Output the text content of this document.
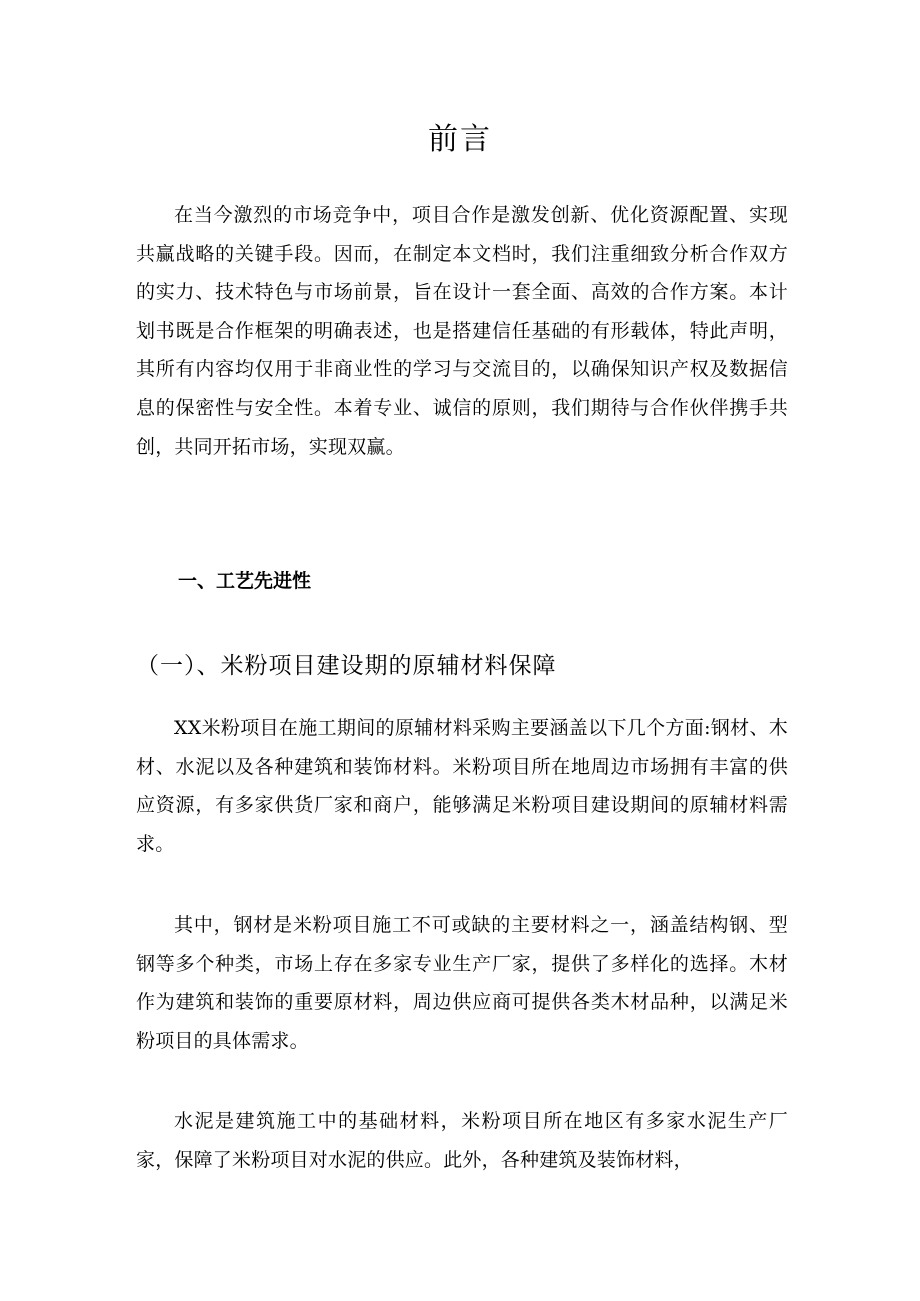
前言

在当今激烈的市场竞争中，项目合作是激发创新、优化资源配置、实现共赢战略的关键手段。因而，在制定本文档时，我们注重细致分析合作双方的实力、技术特色与市场前景，旨在设计一套全面、高效的合作方案。本计划书既是合作框架的明确表述，也是搭建信任基础的有形载体，特此声明，其所有内容均仅用于非商业性的学习与交流目的，以确保知识产权及数据信息的保密性与安全性。本着专业、诚信的原则，我们期待与合作伙伴携手共创，共同开拓市场，实现双赢。

一、工艺先进性
（一）、米粉项目建设期的原辅材料保障

XX米粉项目在施工期间的原辅材料采购主要涵盖以下几个方面:钢材、木材、水泥以及各种建筑和装饰材料。米粉项目所在地周边市场拥有丰富的供应资源，有多家供货厂家和商户，能够满足米粉项目建设期间的原辅材料需求。

其中，钢材是米粉项目施工不可或缺的主要材料之一，涵盖结构钢、型钢等多个种类，市场上存在多家专业生产厂家，提供了多样化的选择。木材作为建筑和装饰的重要原材料，周边供应商可提供各类木材品种，以满足米粉项目的具体需求。

水泥是建筑施工中的基础材料，米粉项目所在地区有多家水泥生产厂家，保障了米粉项目对水泥的供应。此外，各种建筑及装饰材料，
